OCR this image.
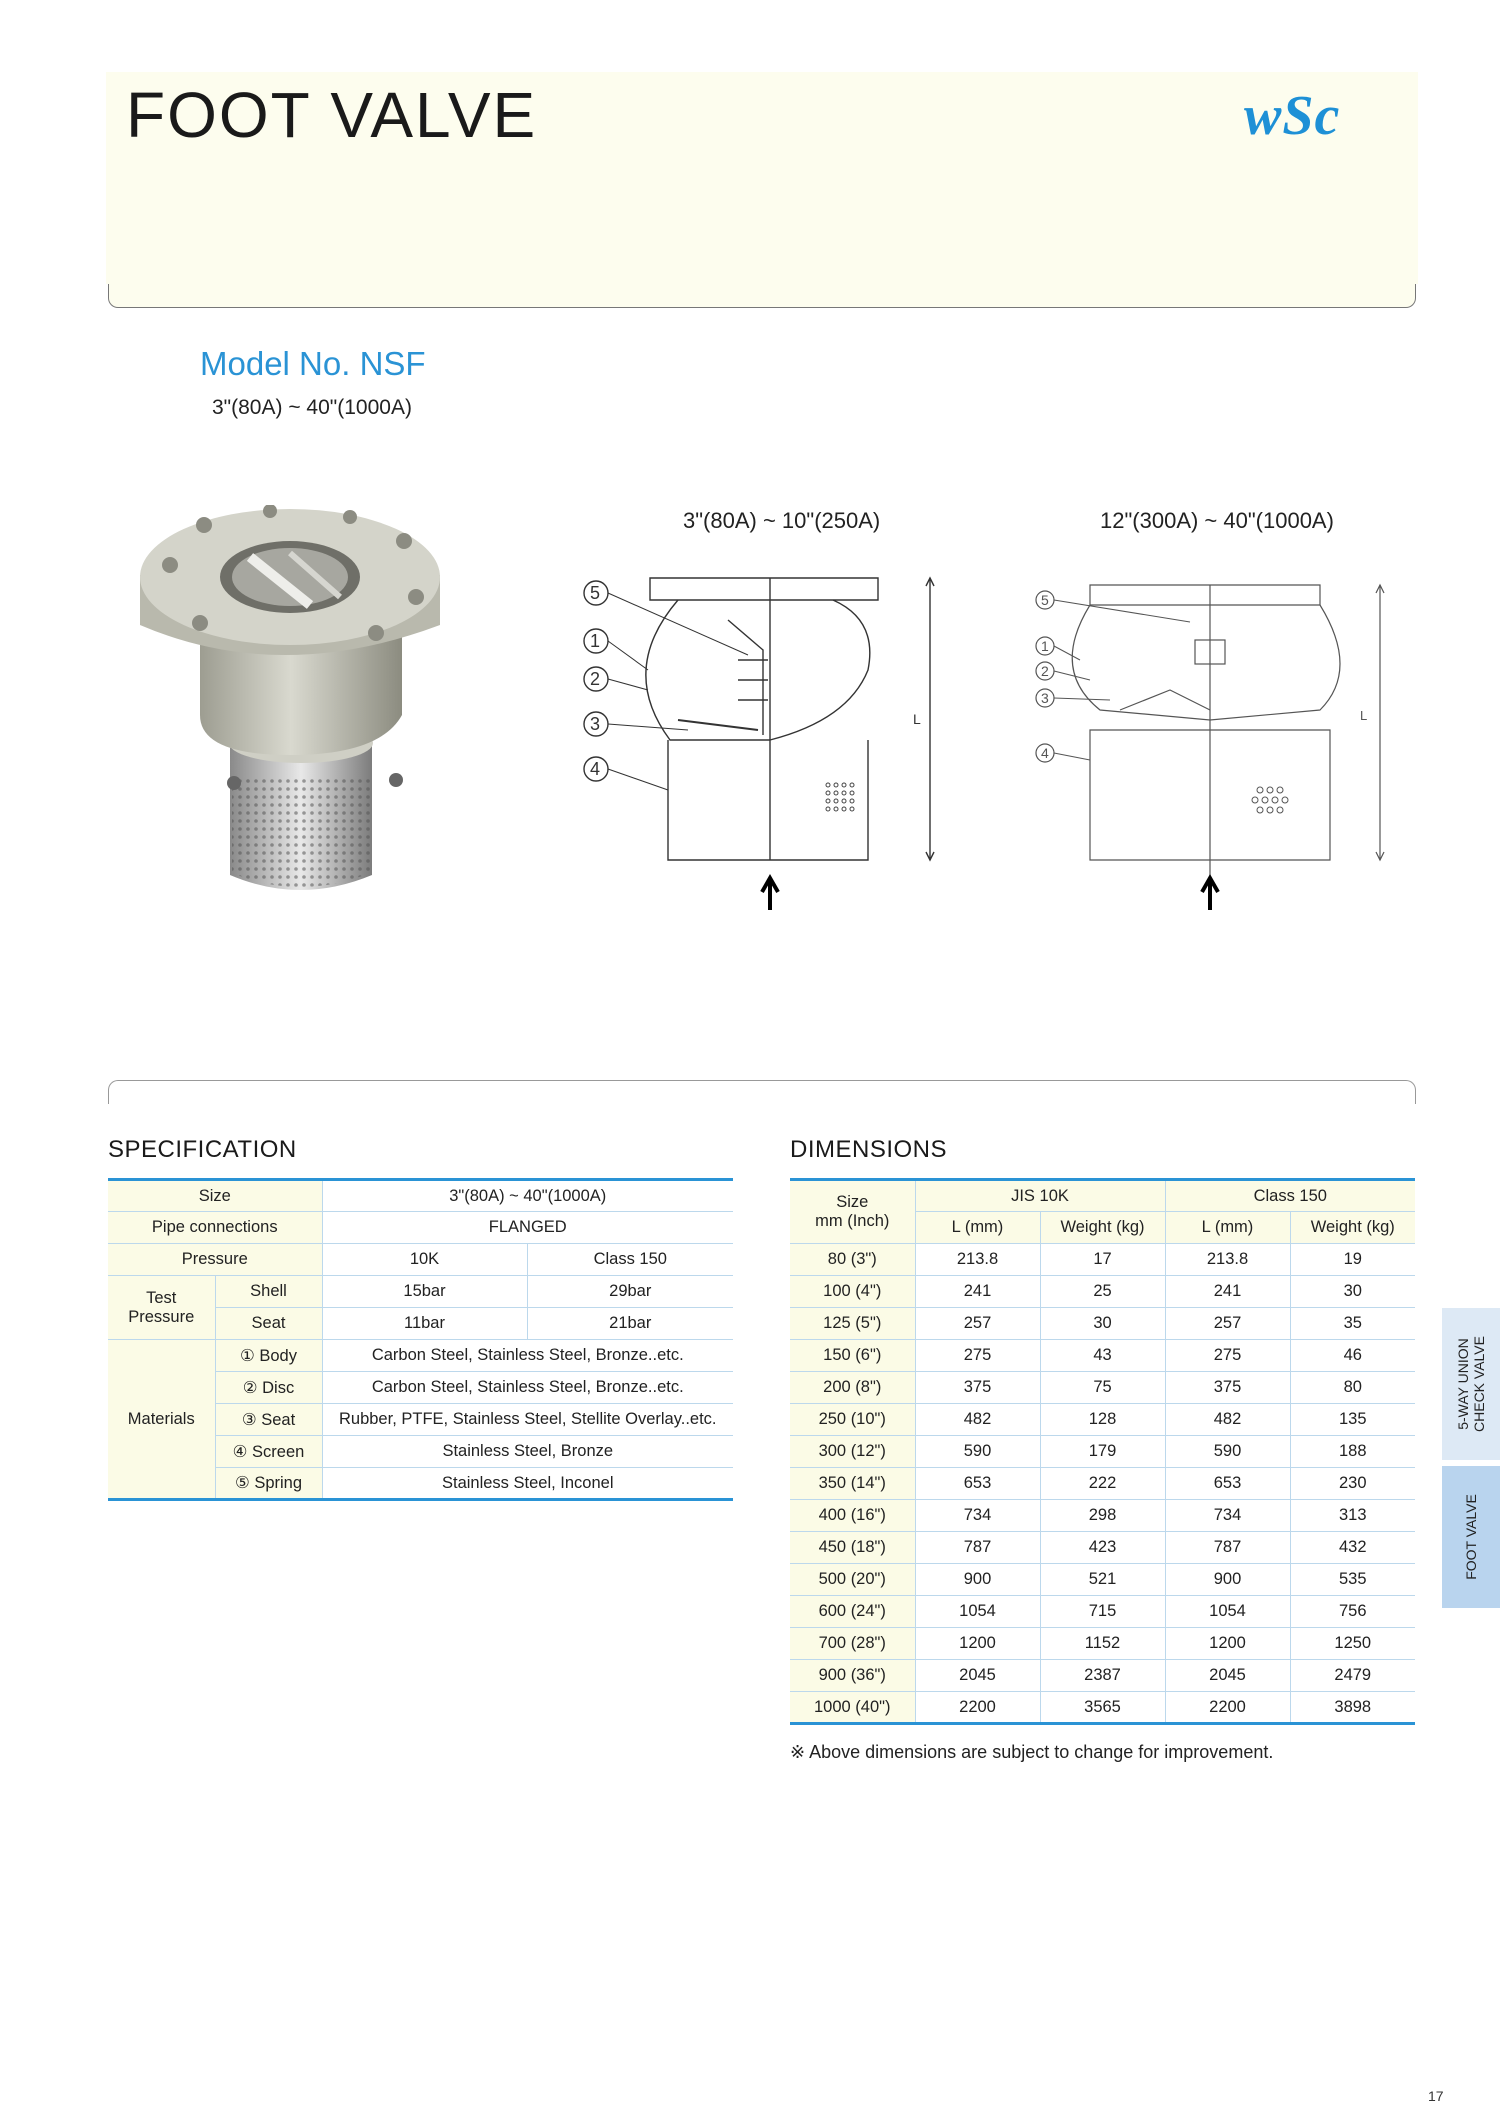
FOOT VALVE	wSc
Model No. NSF
3"(80A) ~ 40"(1000A)
3"(80A) ~ 10"(250A)	12"(300A) ~ 40"(1000A)
L
5
1
2
3
4
L
5
1
2
3
4
SPECIFICATION
Size		3"(80A) ~ 40"(1000A)	
Pipe connections		FLANGED	
Pressure		10K	Class 150
Test Pressure	Shell	15bar	29bar
	Seat	11bar	21bar
Materials	① Body	Carbon Steel, Stainless Steel, Bronze..etc.	
	② Disc	Carbon Steel, Stainless Steel, Bronze..etc.	
	③ Seat	Rubber, PTFE, Stainless Steel, Stellite Overlay..etc.	
	④ Screen	Stainless Steel, Bronze	
	⑤ Spring	Stainless Steel, Inconel	
DIMENSIONS
Size
mm (Inch)	JIS 10K		Class 150	
	L (mm)	Weight (kg)	L (mm)	Weight (kg)
80 (3")	213.8	17	213.8	19
100 (4")	241	25	241	30
125 (5")	257	30	257	35
150 (6")	275	43	275	46
200 (8")	375	75	375	80
250 (10")	482	128	482	135
300 (12")	590	179	590	188
350 (14")	653	222	653	230
400 (16")	734	298	734	313
450 (18")	787	423	787	432
500 (20")	900	521	900	535
600 (24")	1054	715	1054	756
700 (28")	1200	1152	1200	1250
900 (36")	2045	2387	2045	2479
1000 (40")	2200	3565	2200	3898
※ Above dimensions are subject to change for improvement.
5-WAY UNION CHECK VALVE
FOOT VALVE
17
